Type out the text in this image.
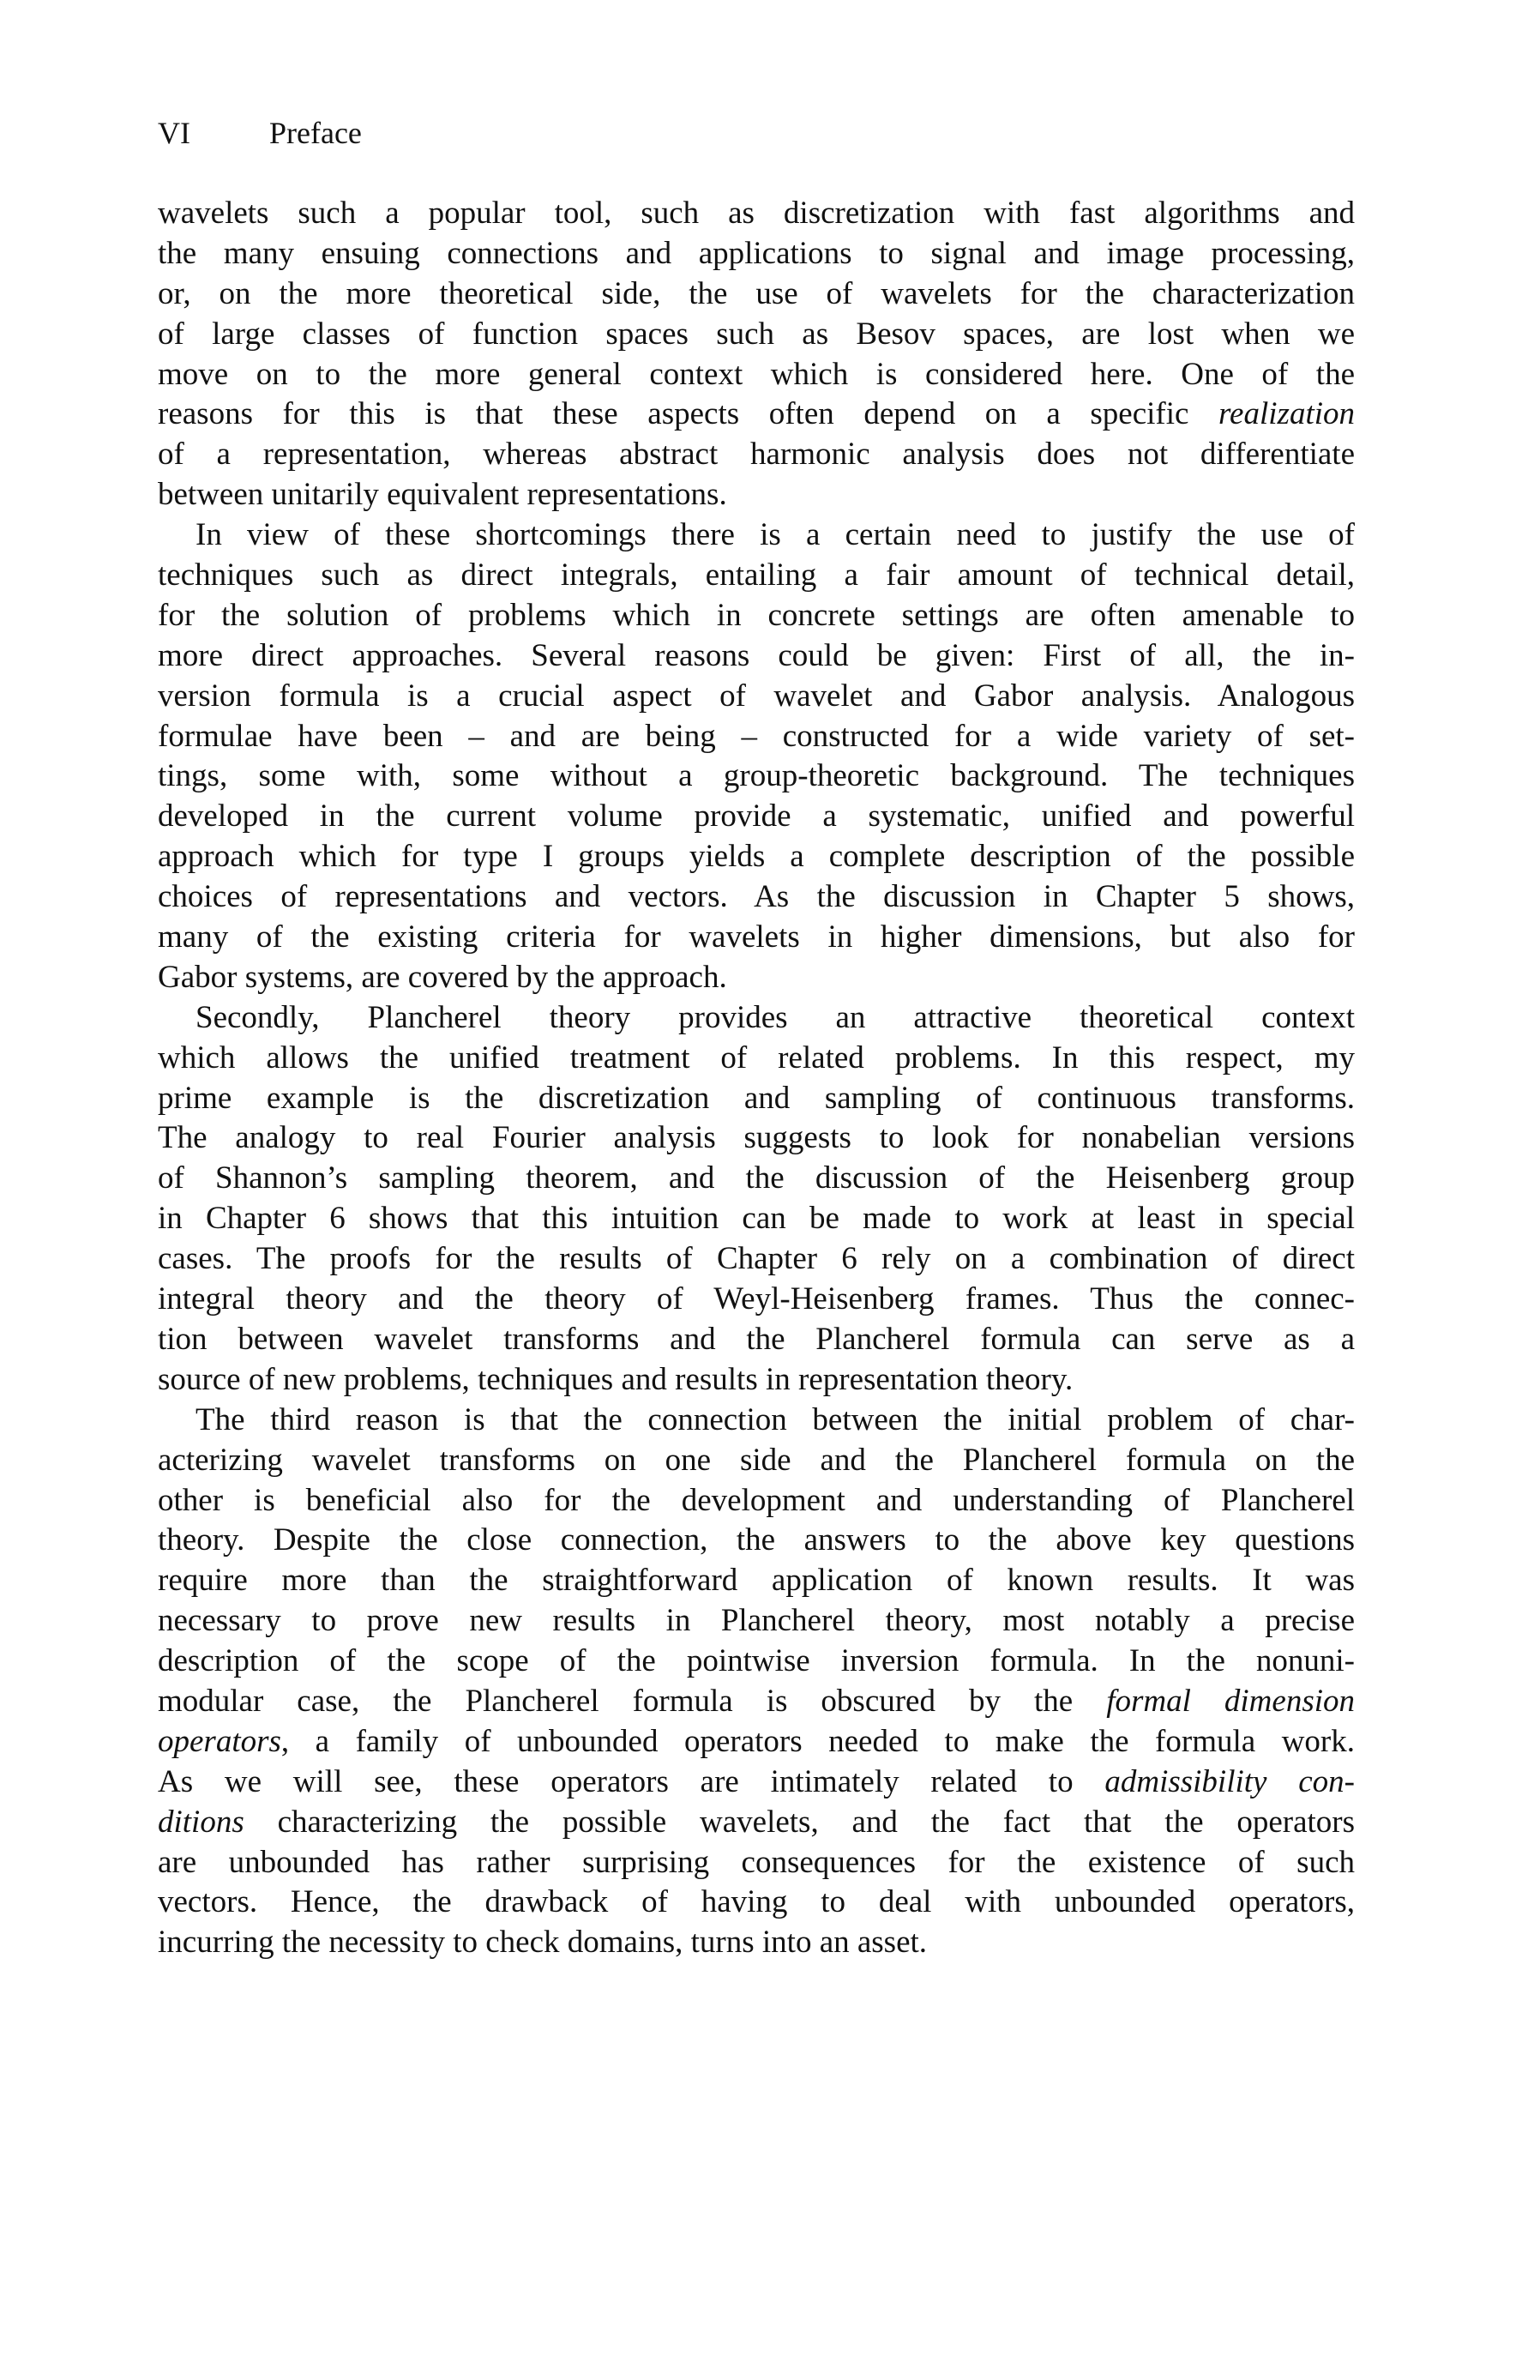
VI	Preface
wavelets such a popular tool, such as discretization with fast algorithms and
the many ensuing connections and applications to signal and image processing,
or, on the more theoretical side, the use of wavelets for the characterization
of large classes of function spaces such as Besov spaces, are lost when we
move on to the more general context which is considered here. One of the
reasons for this is that these aspects often depend on a specific realization
of a representation, whereas abstract harmonic analysis does not differentiate
between unitarily equivalent representations.
In view of these shortcomings there is a certain need to justify the use of
techniques such as direct integrals, entailing a fair amount of technical detail,
for the solution of problems which in concrete settings are often amenable to
more direct approaches. Several reasons could be given: First of all, the in-
version formula is a crucial aspect of wavelet and Gabor analysis. Analogous
formulae have been – and are being – constructed for a wide variety of set-
tings, some with, some without a group-theoretic background. The techniques
developed in the current volume provide a systematic, unified and powerful
approach which for type I groups yields a complete description of the possible
choices of representations and vectors. As the discussion in Chapter 5 shows,
many of the existing criteria for wavelets in higher dimensions, but also for
Gabor systems, are covered by the approach.
Secondly, Plancherel theory provides an attractive theoretical context
which allows the unified treatment of related problems. In this respect, my
prime example is the discretization and sampling of continuous transforms.
The analogy to real Fourier analysis suggests to look for nonabelian versions
of Shannon’s sampling theorem, and the discussion of the Heisenberg group
in Chapter 6 shows that this intuition can be made to work at least in special
cases. The proofs for the results of Chapter 6 rely on a combination of direct
integral theory and the theory of Weyl-Heisenberg frames. Thus the connec-
tion between wavelet transforms and the Plancherel formula can serve as a
source of new problems, techniques and results in representation theory.
The third reason is that the connection between the initial problem of char-
acterizing wavelet transforms on one side and the Plancherel formula on the
other is beneficial also for the development and understanding of Plancherel
theory. Despite the close connection, the answers to the above key questions
require more than the straightforward application of known results. It was
necessary to prove new results in Plancherel theory, most notably a precise
description of the scope of the pointwise inversion formula. In the nonuni-
modular case, the Plancherel formula is obscured by the formal dimension
operators, a family of unbounded operators needed to make the formula work.
As we will see, these operators are intimately related to admissibility con-
ditions characterizing the possible wavelets, and the fact that the operators
are unbounded has rather surprising consequences for the existence of such
vectors. Hence, the drawback of having to deal with unbounded operators,
incurring the necessity to check domains, turns into an asset.
